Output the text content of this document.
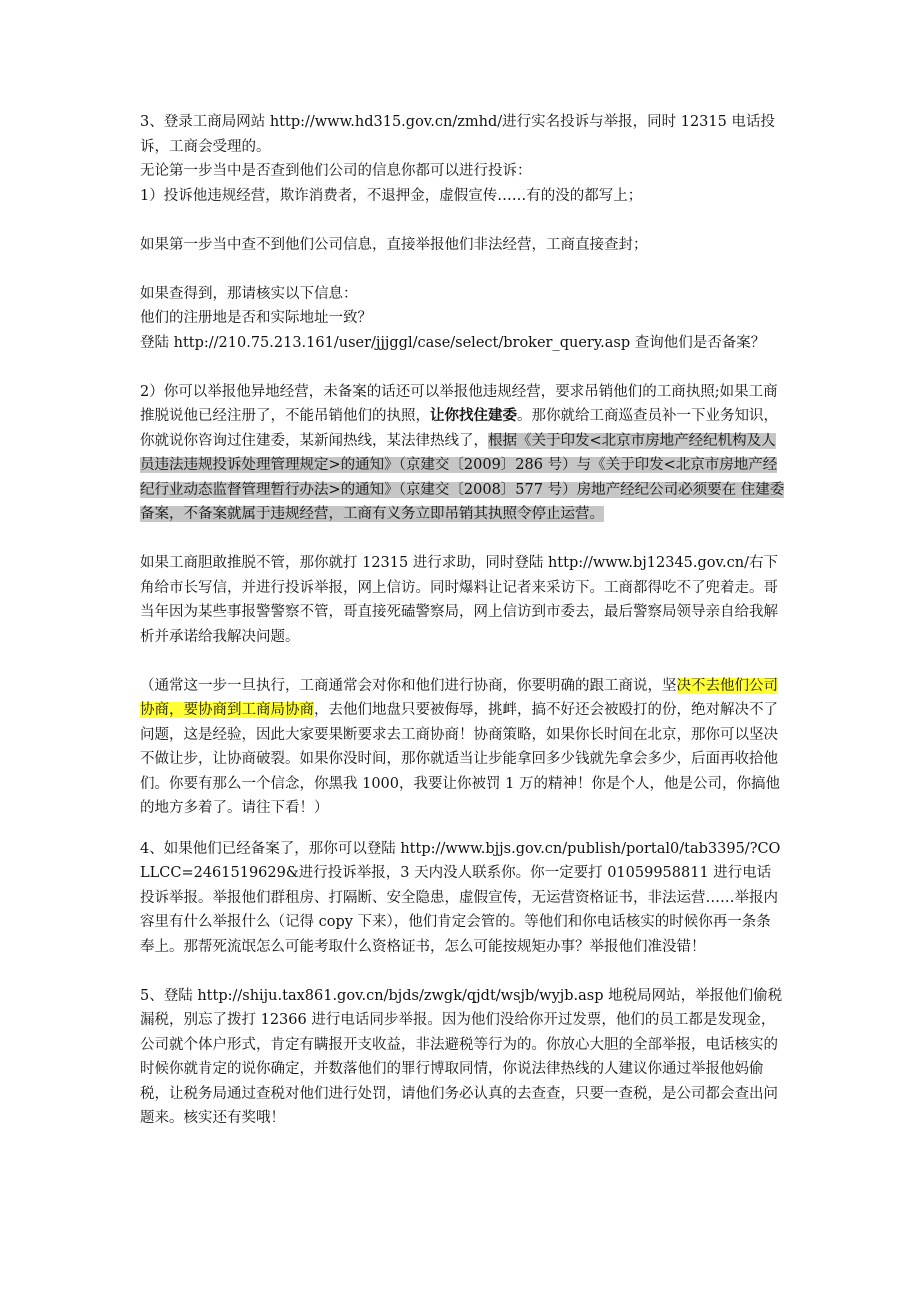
3、登录工商局网站 http://www.hd315.gov.cn/zmhd/进行实名投诉与举报，同时 12315 电话投诉，工商会受理的。

无论第一步当中是否查到他们公司的信息你都可以进行投诉：

1）投诉他违规经营，欺诈消费者，不退押金，虚假宣传……有的没的都写上；

如果第一步当中查不到他们公司信息，直接举报他们非法经营，工商直接查封；

如果查得到，那请核实以下信息：

他们的注册地是否和实际地址一致？

登陆 http://210.75.213.161/user/jjjggl/case/select/broker_query.asp 查询他们是否备案？

2）你可以举报他异地经营，未备案的话还可以举报他违规经营，要求吊销他们的工商执照;如果工商推脱说他已经注册了，不能吊销他们的执照，让你找住建委。那你就给工商巡查员补一下业务知识，你就说你咨询过住建委，某新闻热线，某法律热线了，根据《关于印发<北京市房地产经纪机构及人员违法违规投诉处理管理规定>的通知》（京建交〔2009〕286 号）与《关于印发<北京市房地产经纪行业动态监督管理暂行办法>的通知》（京建交〔2008〕577 号）房地产经纪公司必须要在 住建委 备案，不备案就属于违规经营，工商有义务立即吊销其执照令停止运营。

如果工商胆敢推脱不管，那你就打 12315 进行求助，同时登陆 http://www.bj12345.gov.cn/右下角给市长写信，并进行投诉举报，网上信访。同时爆料让记者来采访下。工商都得吃不了兜着走。哥当年因为某些事报警警察不管，哥直接死磕警察局，网上信访到市委去，最后警察局领导亲自给我解析并承诺给我解决问题。

（通常这一步一旦执行，工商通常会对你和他们进行协商，你要明确的跟工商说，坚决不去他们公司协商，要协商到工商局协商，去他们地盘只要被侮辱，挑衅，搞不好还会被殴打的份，绝对解决不了问题，这是经验，因此大家要果断要求去工商协商！协商策略，如果你长时间在北京，那你可以坚决不做让步，让协商破裂。如果你没时间，那你就适当让步能拿回多少钱就先拿会多少，后面再收拾他们。你要有那么一个信念，你黑我 1000，我要让你被罚 1 万的精神！你是个人，他是公司，你搞他的地方多着了。请往下看！）

4、如果他们已经备案了，那你可以登陆 http://www.bjjs.gov.cn/publish/portal0/tab3395/?COLLCC=2461519629&进行投诉举报，3 天内没人联系你。你一定要打 01059958811 进行电话投诉举报。举报他们群租房、打隔断、安全隐患，虚假宣传，无运营资格证书，非法运营……举报内容里有什么举报什么（记得 copy 下来），他们肯定会管的。等他们和你电话核实的时候你再一条条奉上。那帮死流氓怎么可能考取什么资格证书，怎么可能按规矩办事？举报他们准没错！

5、登陆 http://shiju.tax861.gov.cn/bjds/zwgk/qjdt/wsjb/wyjb.asp 地税局网站，举报他们偷税漏税，别忘了拨打 12366 进行电话同步举报。因为他们没给你开过发票，他们的员工都是发现金，公司就个体户形式，肯定有瞒报开支收益，非法避税等行为的。你放心大胆的全部举报，电话核实的时候你就肯定的说你确定，并数落他们的罪行博取同情，你说法律热线的人建议你通过举报他妈偷税，让税务局通过查税对他们进行处罚，请他们务必认真的去查查，只要一查税，是公司都会查出问题来。核实还有奖哦！
